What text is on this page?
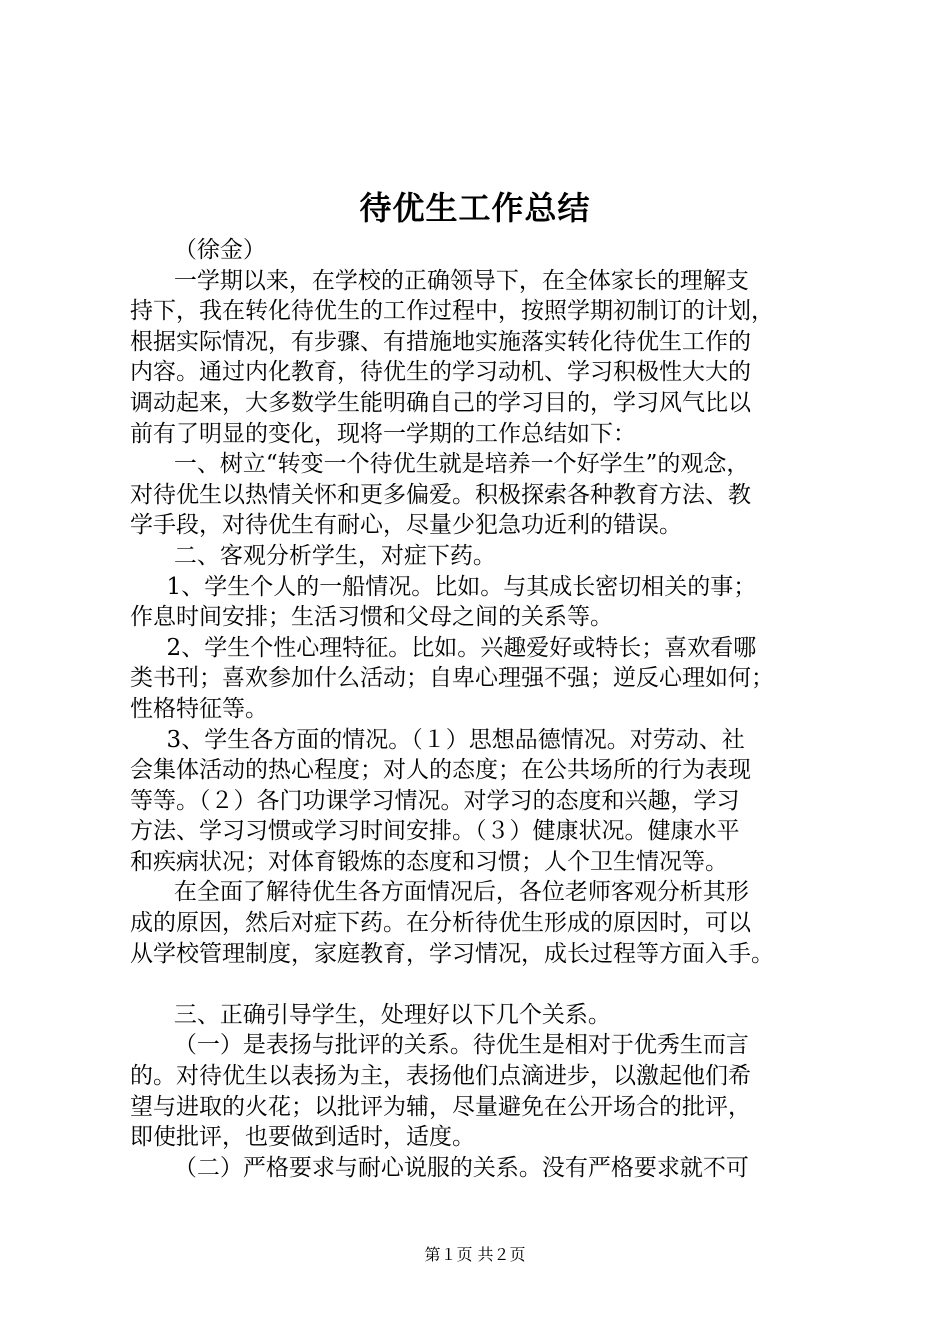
待优生工作总结
（徐金）
一学期以来，在学校的正确领导下，在全体家长的理解支
持下，我在转化待优生的工作过程中，按照学期初制订的计划，
根据实际情况，有步骤、有措施地实施落实转化待优生工作的
内容。通过内化教育，待优生的学习动机、学习积极性大大的
调动起来，大多数学生能明确自己的学习目的，学习风气比以
前有了明显的变化，现将一学期的工作总结如下：
一、树立“转变一个待优生就是培养一个好学生”的观念，
对待优生以热情关怀和更多偏爱。积极探索各种教育方法、教
学手段，对待优生有耐心，尽量少犯急功近利的错误。
二、客观分析学生，对症下药。
1、学生个人的一船情况。比如。与其成长密切相关的事；
作息时间安排；生活习惯和父母之间的关系等。
2、学生个性心理特征。比如。兴趣爱好或特长；喜欢看哪
类书刊；喜欢参加什么活动；自卑心理强不强；逆反心理如何；
性格特征等。
3、学生各方面的情况。（１）思想品德情况。对劳动、社
会集体活动的热心程度；对人的态度；在公共场所的行为表现
等等。（２）各门功课学习情况。对学习的态度和兴趣，学习
方法、学习习惯或学习时间安排。（３）健康状况。健康水平
和疾病状况；对体育锻炼的态度和习惯；人个卫生情况等。
在全面了解待优生各方面情况后，各位老师客观分析其形
成的原因，然后对症下药。在分析待优生形成的原因时，可以
从学校管理制度，家庭教育，学习情况，成长过程等方面入手。
三、正确引导学生，处理好以下几个关系。
（一）是表扬与批评的关系。待优生是相对于优秀生而言
的。对待优生以表扬为主，表扬他们点滴进步，以激起他们希
望与进取的火花；以批评为辅，尽量避免在公开场合的批评，
即使批评，也要做到适时，适度。
（二）严格要求与耐心说服的关系。没有严格要求就不可
第１页 共２页
